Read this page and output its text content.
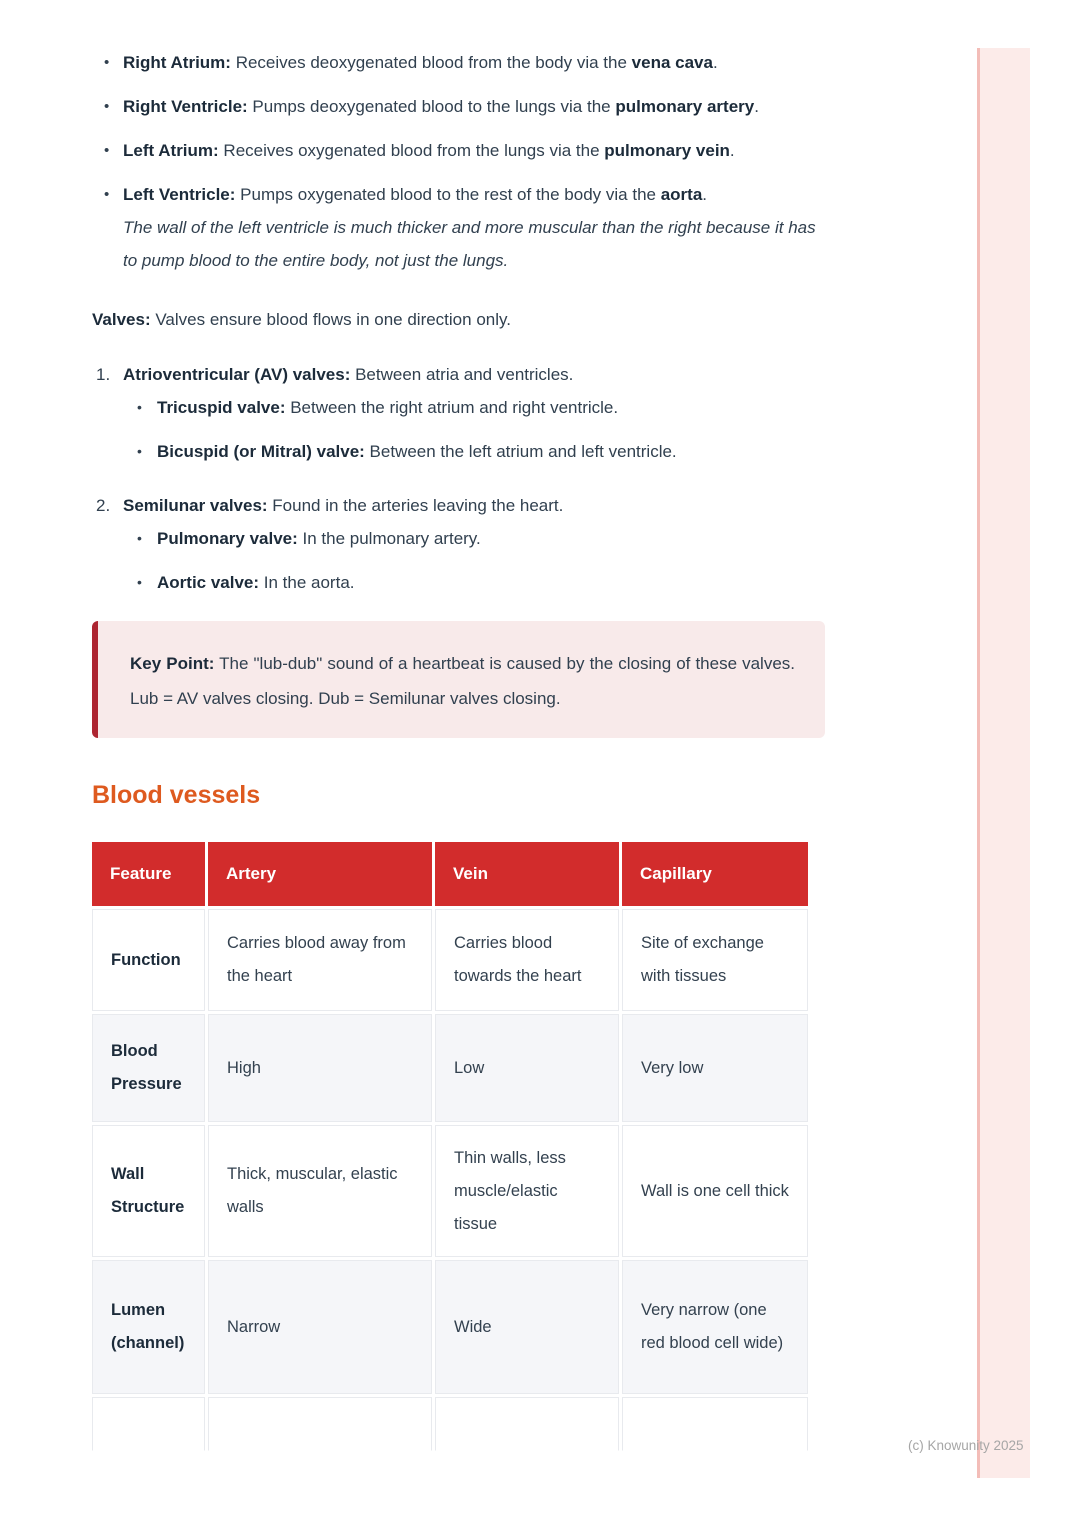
• Right Atrium: Receives deoxygenated blood from the body via the vena cava.
• Right Ventricle: Pumps deoxygenated blood to the lungs via the pulmonary artery.
• Left Atrium: Receives oxygenated blood from the lungs via the pulmonary vein.
• Left Ventricle: Pumps oxygenated blood to the rest of the body via the aorta.
The wall of the left ventricle is much thicker and more muscular than the right because it has to pump blood to the entire body, not just the lungs.

Valves: Valves ensure blood flows in one direction only.

1. Atrioventricular (AV) valves: Between atria and ventricles.
• Tricuspid valve: Between the right atrium and right ventricle.
• Bicuspid (or Mitral) valve: Between the left atrium and left ventricle.
2. Semilunar valves: Found in the arteries leaving the heart.
• Pulmonary valve: In the pulmonary artery.
• Aortic valve: In the aorta.
Key Point: The "lub-dub" sound of a heartbeat is caused by the closing of these valves. Lub = AV valves closing. Dub = Semilunar valves closing.
Blood vessels
Feature	Artery	Vein	Capillary
Function	Carries blood away from the heart	Carries blood towards the heart	Site of exchange with tissues
Blood Pressure	High	Low	Very low
Wall Structure	Thick, muscular, elastic walls	Thin walls, less muscle/elastic tissue	Wall is one cell thick
Lumen (channel)	Narrow	Wide	Very narrow (one red blood cell wide)

(c) Knowunity 2025
